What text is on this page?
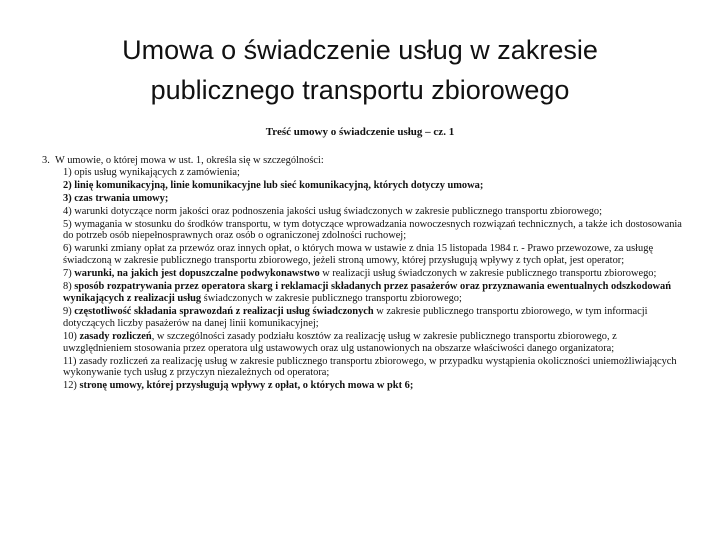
Umowa o świadczenie usług w zakresie
publicznego transportu zbiorowego
Treść umowy o świadczenie usług – cz. 1

3. W umowie, o której mowa w ust. 1, określa się w szczególności:

1) opis usług wynikających z zamówienia;

2) linię komunikacyjną, linie komunikacyjne lub sieć komunikacyjną, których dotyczy umowa;

3) czas trwania umowy;

4) warunki dotyczące norm jakości oraz podnoszenia jakości usług świadczonych w zakresie publicznego transportu zbiorowego;

5) wymagania w stosunku do środków transportu, w tym dotyczące wprowadzania nowoczesnych rozwiązań technicznych, a także ich dostosowania do potrzeb osób niepełnosprawnych oraz osób o ograniczonej zdolności ruchowej;

6) warunki zmiany opłat za przewóz oraz innych opłat, o których mowa w ustawie z dnia 15 listopada 1984 r. - Prawo przewozowe, za usługę świadczoną w zakresie publicznego transportu zbiorowego, jeżeli stroną umowy, której przysługują wpływy z tych opłat, jest operator;

7) warunki, na jakich jest dopuszczalne podwykonawstwo w realizacji usług świadczonych w zakresie publicznego transportu zbiorowego;

8) sposób rozpatrywania przez operatora skarg i reklamacji składanych przez pasażerów oraz przyznawania ewentualnych odszkodowań wynikających z realizacji usług świadczonych w zakresie publicznego transportu zbiorowego;

9) częstotliwość składania sprawozdań z realizacji usług świadczonych w zakresie publicznego transportu zbiorowego, w tym informacji dotyczących liczby pasażerów na danej linii komunikacyjnej;

10) zasady rozliczeń, w szczególności zasady podziału kosztów za realizację usług w zakresie publicznego transportu zbiorowego, z uwzględnieniem stosowania przez operatora ulg ustawowych oraz ulg ustanowionych na obszarze właściwości danego organizatora;

11) zasady rozliczeń za realizację usług w zakresie publicznego transportu zbiorowego, w przypadku wystąpienia okoliczności uniemożliwiających wykonywanie tych usług z przyczyn niezależnych od operatora;

12) stronę umowy, której przysługują wpływy z opłat, o których mowa w pkt 6;
